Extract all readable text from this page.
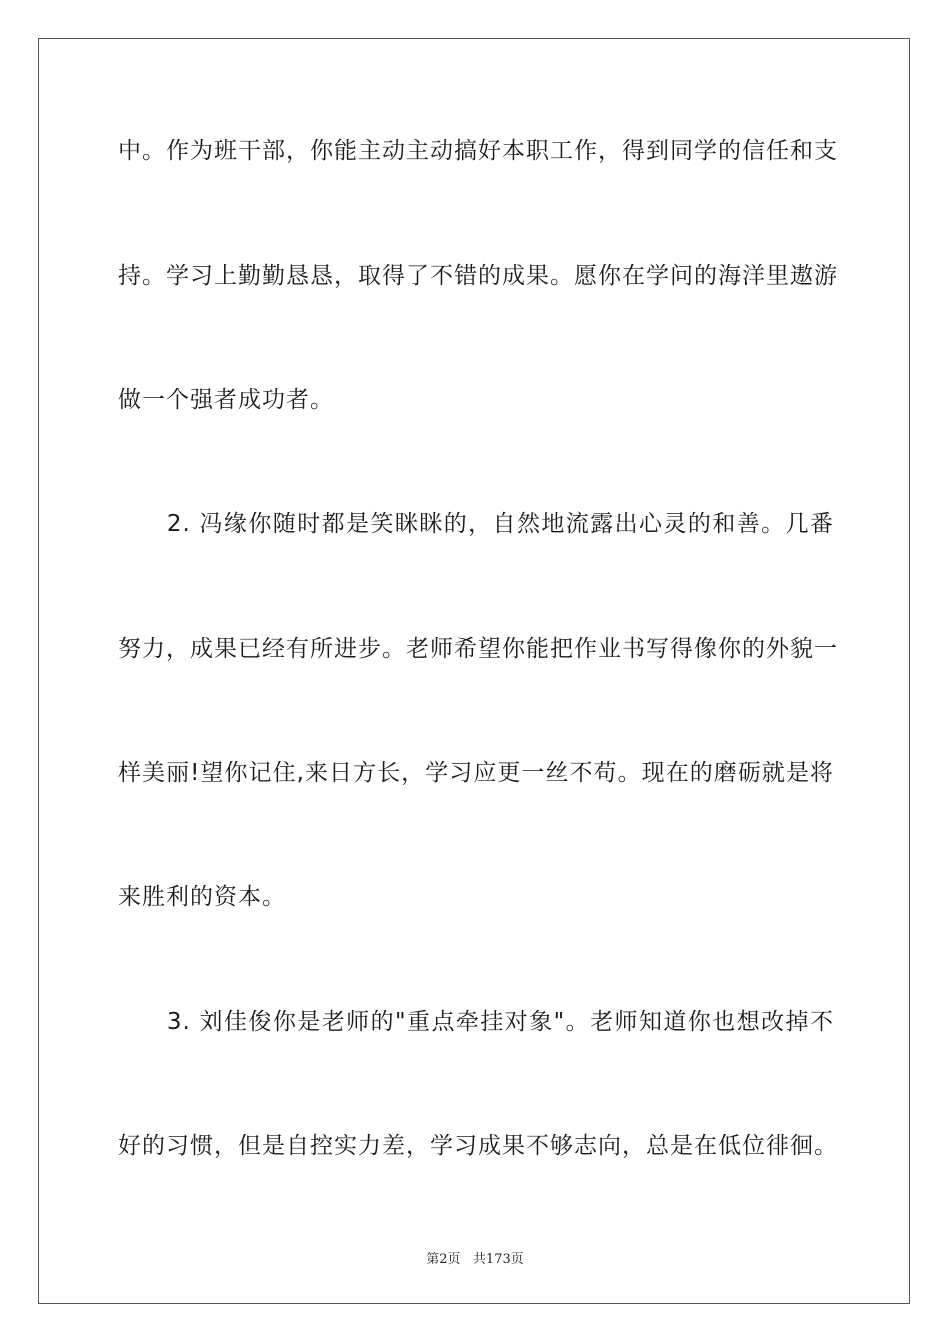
中。作为班干部，你能主动主动搞好本职工作，得到同学的信任和支
持。学习上勤勤恳恳，取得了不错的成果。愿你在学问的海洋里遨游
做一个强者成功者。
　　2. 冯缘你随时都是笑眯眯的，自然地流露出心灵的和善。几番
努力，成果已经有所进步。老师希望你能把作业书写得像你的外貌一
样美丽!望你记住,来日方长，学习应更一丝不苟。现在的磨砺就是将
来胜利的资本。
　　3. 刘佳俊你是老师的"重点牵挂对象"。老师知道你也想改掉不
好的习惯，但是自控实力差，学习成果不够志向，总是在低位徘徊。
第2页 共173页
